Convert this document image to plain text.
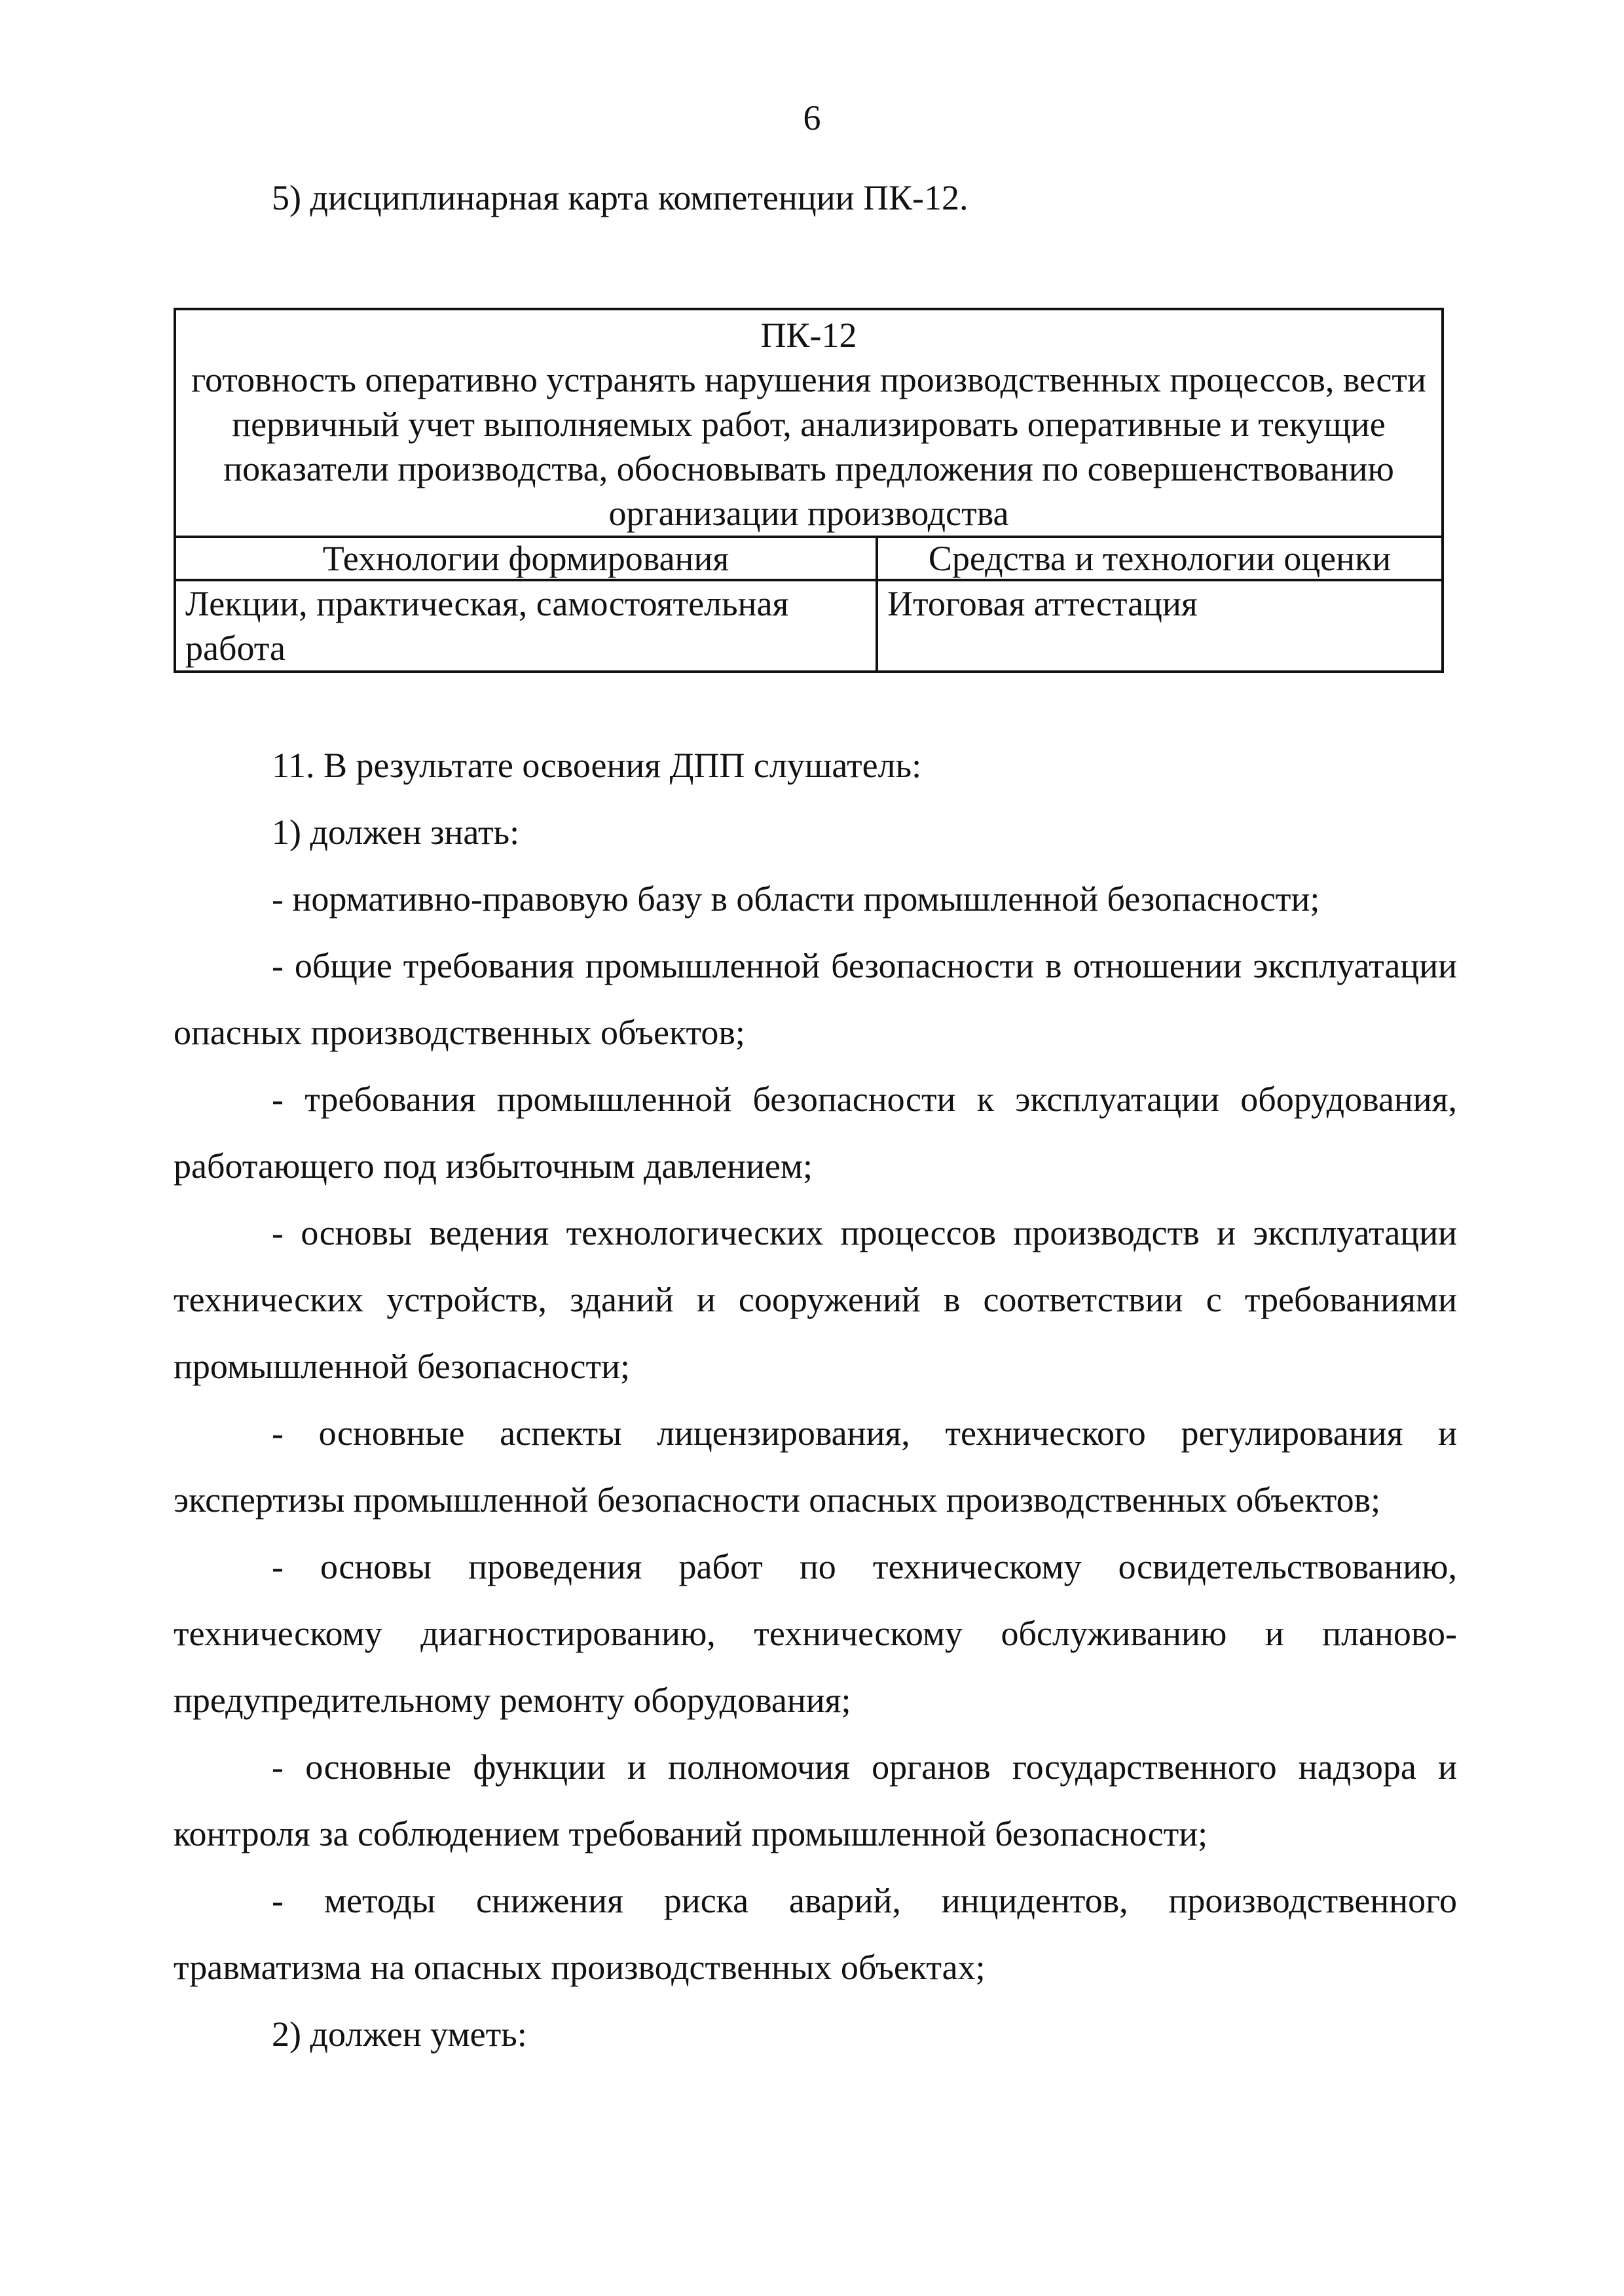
6
5) дисциплинарная карта компетенции ПК-12.
ПК-12
готовность оперативно устранять нарушения производственных процессов, вести первичный учет выполняемых работ, анализировать оперативные и текущие показатели производства, обосновывать предложения по совершенствованию организации производства	

Технологии формирования	Средства и технологии оценки
Лекции, практическая, самостоятельная работа	Итоговая аттестация

11. В результате освоения ДПП слушатель:

1) должен знать:

- нормативно-правовую базу в области промышленной безопасности;

- общие требования промышленной безопасности в отношении эксплуатации опасных производственных объектов;

- требования промышленной безопасности к эксплуатации оборудования, работающего под избыточным давлением;

- основы ведения технологических процессов производств и эксплуатации технических устройств, зданий и сооружений в соответствии с требованиями промышленной безопасности;

- основные аспекты лицензирования, технического регулирования и экспертизы промышленной безопасности опасных производственных объектов;

- основы проведения работ по техническому освидетельствованию, техническому диагностированию, техническому обслуживанию и планово-предупредительному ремонту оборудования;

- основные функции и полномочия органов государственного надзора и контроля за соблюдением требований промышленной безопасности;

- методы снижения риска аварий, инцидентов, производственного травматизма на опасных производственных объектах;

2) должен уметь:
